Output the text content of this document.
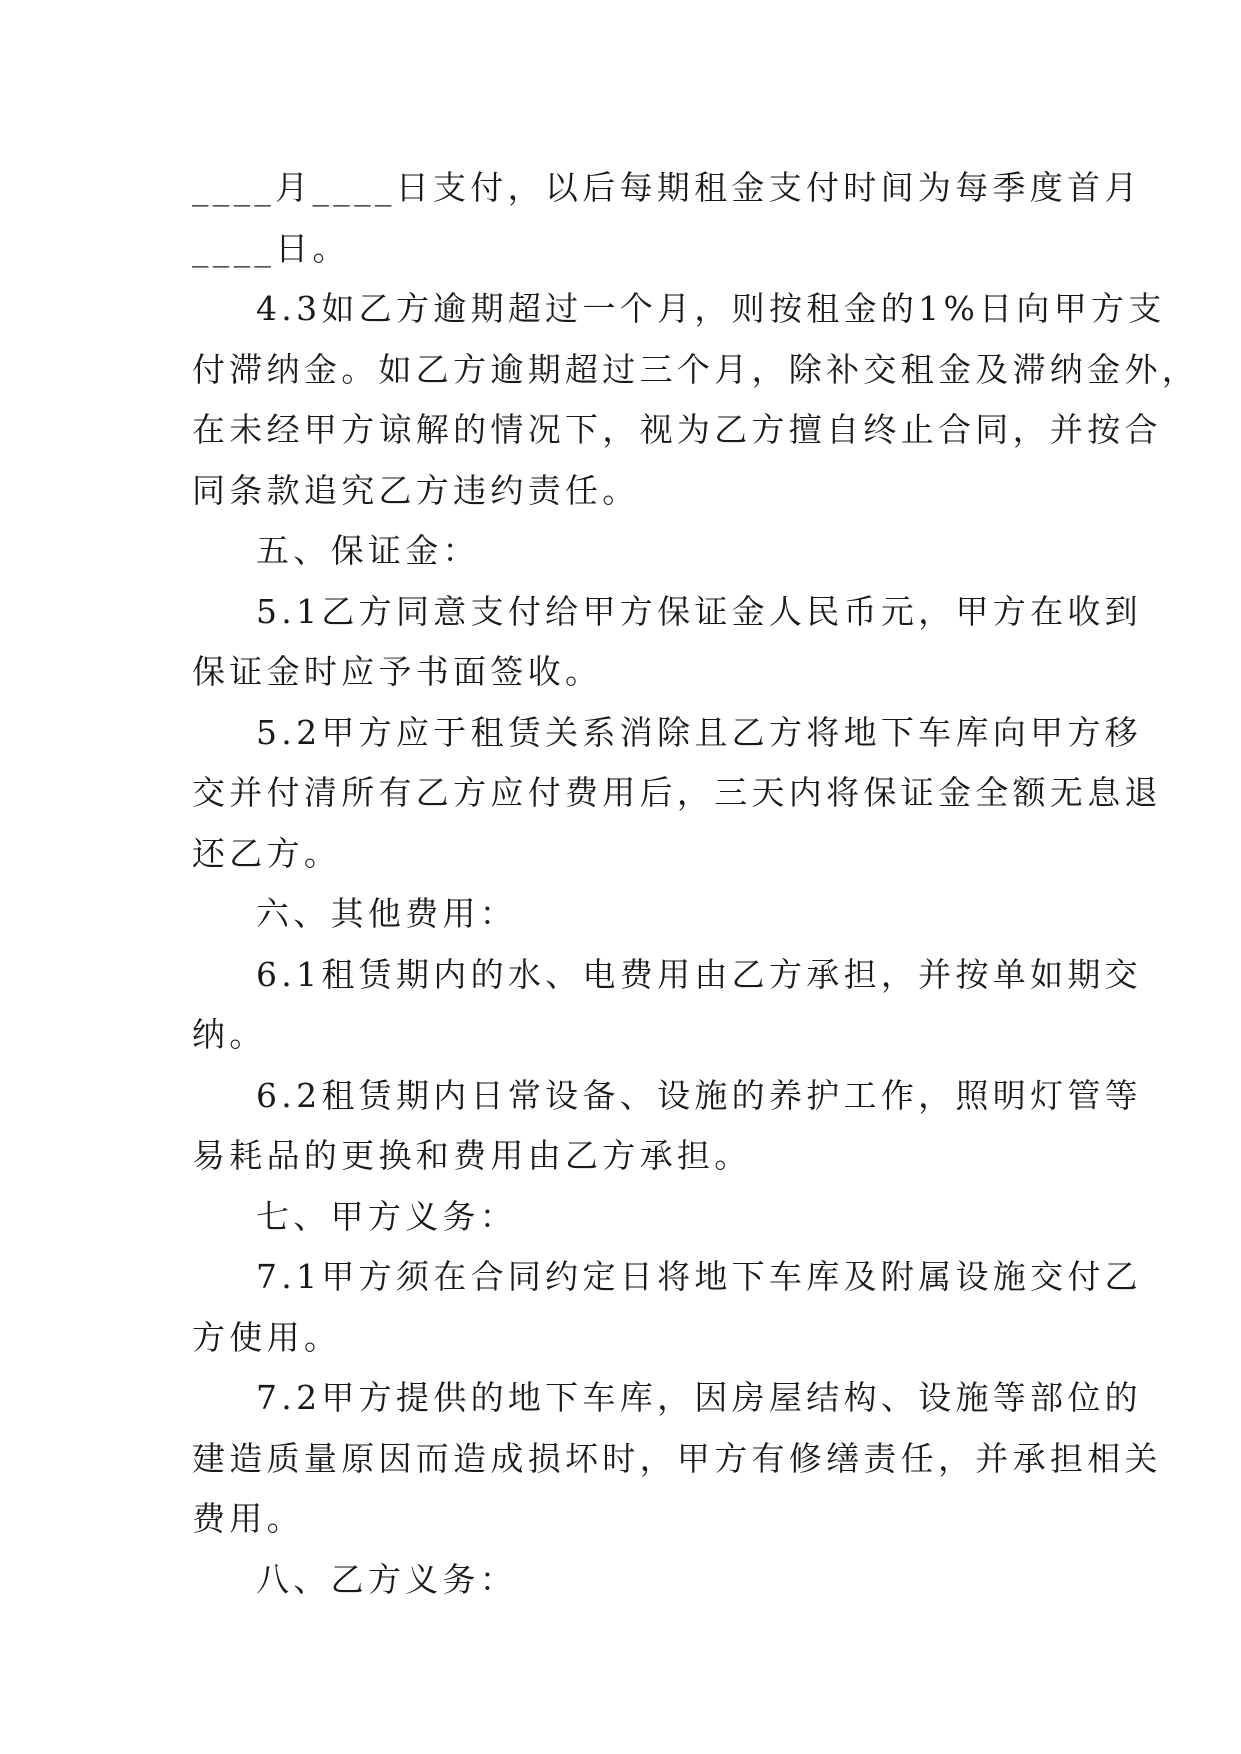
____月____日支付，以后每期租金支付时间为每季度首月

____日。

4.3如乙方逾期超过一个月，则按租金的1%日向甲方支

付滞纳金。如乙方逾期超过三个月，除补交租金及滞纳金外，

在未经甲方谅解的情况下，视为乙方擅自终止合同，并按合

同条款追究乙方违约责任。

五、保证金：

5.1乙方同意支付给甲方保证金人民币元，甲方在收到

保证金时应予书面签收。

5.2甲方应于租赁关系消除且乙方将地下车库向甲方移

交并付清所有乙方应付费用后，三天内将保证金全额无息退

还乙方。

六、其他费用：

6.1租赁期内的水、电费用由乙方承担，并按单如期交

纳。

6.2租赁期内日常设备、设施的养护工作，照明灯管等

易耗品的更换和费用由乙方承担。

七、甲方义务：

7.1甲方须在合同约定日将地下车库及附属设施交付乙

方使用。

7.2甲方提供的地下车库，因房屋结构、设施等部位的

建造质量原因而造成损坏时，甲方有修缮责任，并承担相关

费用。

八、乙方义务：
